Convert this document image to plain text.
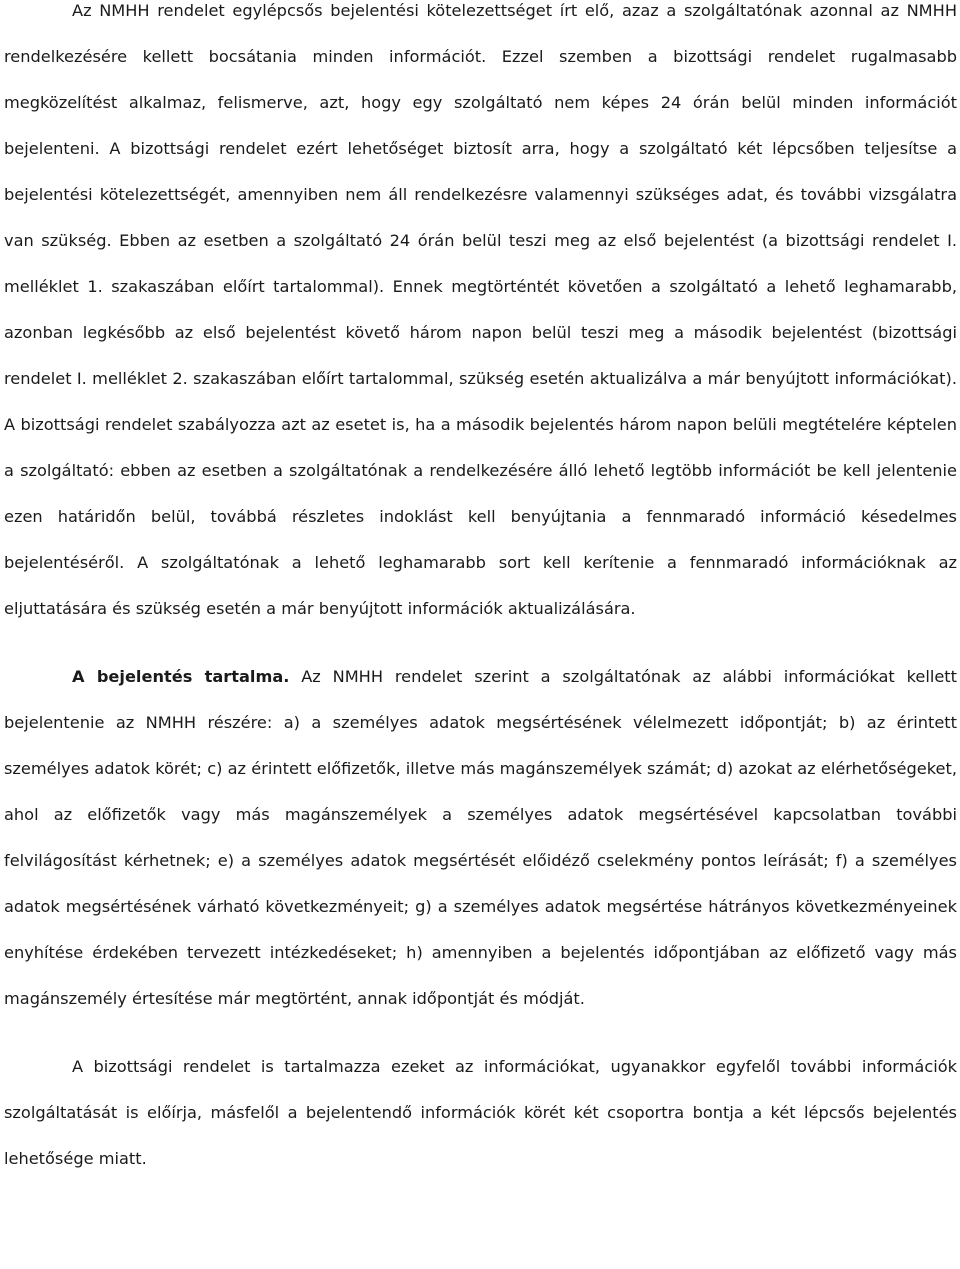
Az NMHH rendelet egylépcsős bejelentési kötelezettséget írt elő, azaz a szolgáltatónak azonnal az NMHH rendelkezésére kellett bocsátania minden információt. Ezzel szemben a bizottsági rendelet rugalmasabb megközelítést alkalmaz, felismerve, azt, hogy egy szolgáltató nem képes 24 órán belül minden információt bejelenteni. A bizottsági rendelet ezért lehetőséget biztosít arra, hogy a szolgáltató két lépcsőben teljesítse a bejelentési kötelezettségét, amennyiben nem áll rendelkezésre valamennyi szükséges adat, és további vizsgálatra van szükség. Ebben az esetben a szolgáltató 24 órán belül teszi meg az első bejelentést (a bizottsági rendelet I. melléklet 1. szakaszában előírt tartalommal). Ennek megtörténtét követően a szolgáltató a lehető leghamarabb, azonban legkésőbb az első bejelentést követő három napon belül teszi meg a második bejelentést (bizottsági rendelet I. melléklet 2. szakaszában előírt tartalommal, szükség esetén aktualizálva a már benyújtott információkat). A bizottsági rendelet szabályozza azt az esetet is, ha a második bejelentés három napon belüli megtételére képtelen a szolgáltató: ebben az esetben a szolgáltatónak a rendelkezésére álló lehető legtöbb információt be kell jelentenie ezen határidőn belül, továbbá részletes indoklást kell benyújtania a fennmaradó információ késedelmes bejelentéséről. A szolgáltatónak a lehető leghamarabb sort kell kerítenie a fennmaradó információknak az eljuttatására és szükség esetén a már benyújtott információk aktualizálására.

A bejelentés tartalma. Az NMHH rendelet szerint a szolgáltatónak az alábbi információkat kellett bejelentenie az NMHH részére: a) a személyes adatok megsértésének vélelmezett időpontját; b) az érintett személyes adatok körét; c) az érintett előfizetők, illetve más magánszemélyek számát; d) azokat az elérhetőségeket, ahol az előfizetők vagy más magánszemélyek a személyes adatok megsértésével kapcsolatban további felvilágosítást kérhetnek; e) a személyes adatok megsértését előidéző cselekmény pontos leírását; f) a személyes adatok megsértésének várható következményeit; g) a személyes adatok megsértése hátrányos következményeinek enyhítése érdekében tervezett intézkedéseket; h) amennyiben a bejelentés időpontjában az előfizető vagy más magánszemély értesítése már megtörtént, annak időpontját és módját.

A bizottsági rendelet is tartalmazza ezeket az információkat, ugyanakkor egyfelől további információk szolgáltatását is előírja, másfelől a bejelentendő információk körét két csoportra bontja a két lépcsős bejelentés lehetősége miatt.
